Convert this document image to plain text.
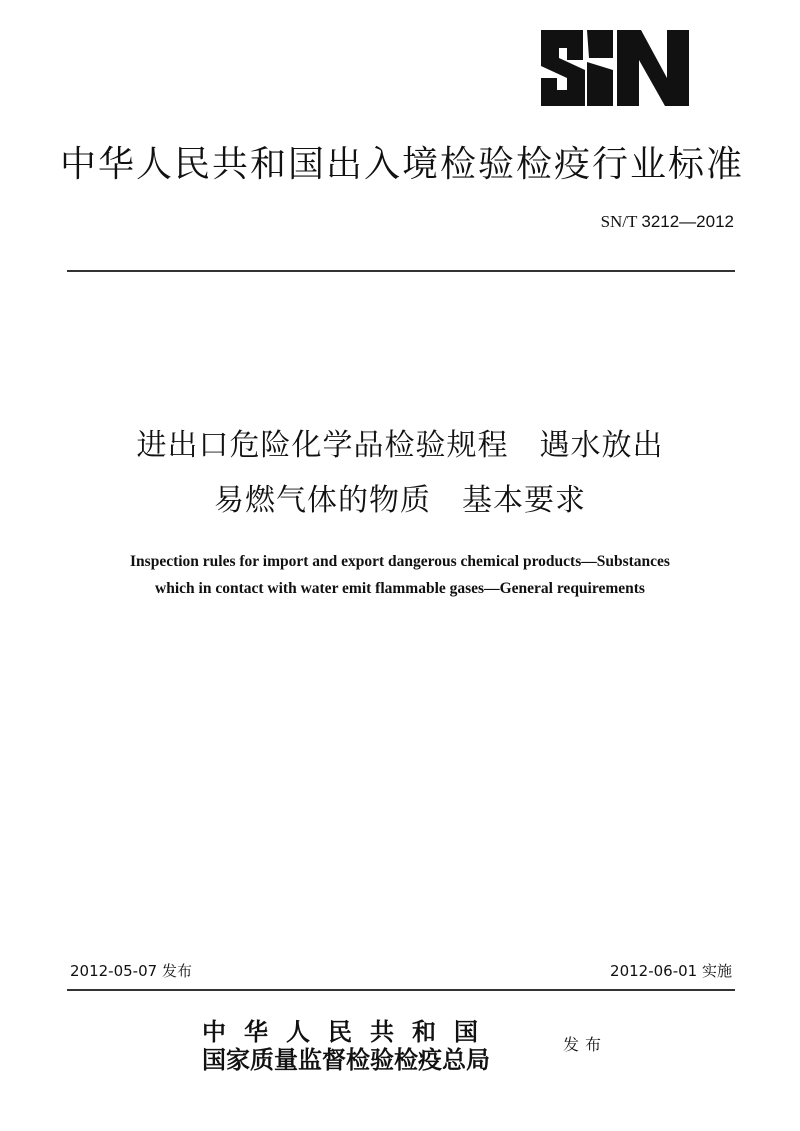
中华人民共和国出入境检验检疫行业标准
SN/T 3212—2012
进出口危险化学品检验规程　遇水放出
易燃气体的物质　基本要求
Inspection rules for import and export dangerous chemical products—Substances
which in contact with water emit flammable gases—General requirements
2012-05-07 发布	2012-06-01 实施
中华人民共和国
国家质量监督检验检疫总局
发布
